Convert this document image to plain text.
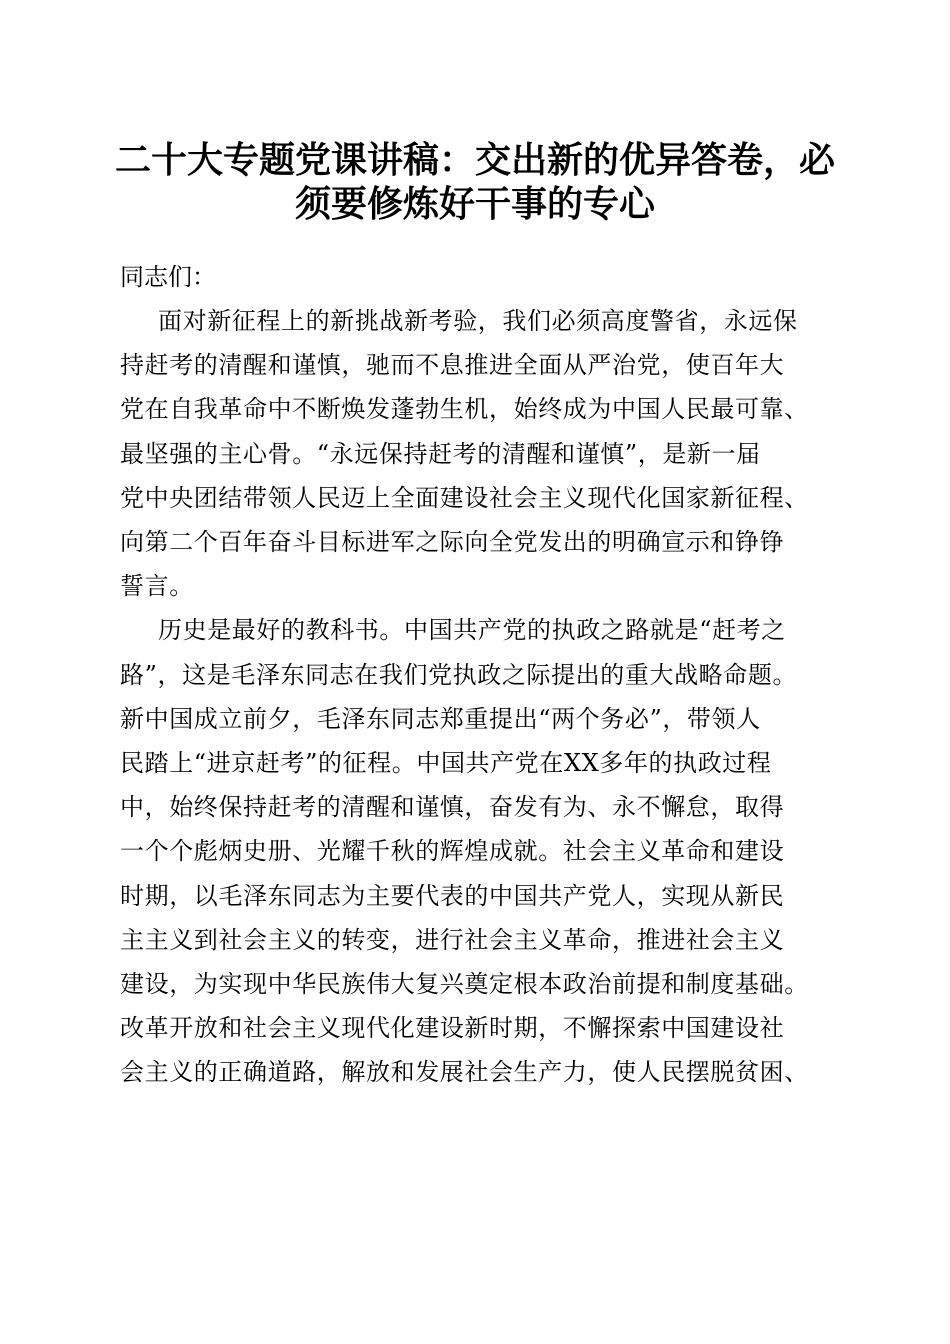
二十大专题党课讲稿：交出新的优异答卷，必
须要修炼好干事的专心

同志们：

面对新征程上的新挑战新考验，我们必须高度警省，永远保
持赶考的清醒和谨慎，驰而不息推进全面从严治党，使百年大
党在自我革命中不断焕发蓬勃生机，始终成为中国人民最可靠、
最坚强的主心骨。“永远保持赶考的清醒和谨慎”，是新一届
党中央团结带领人民迈上全面建设社会主义现代化国家新征程、
向第二个百年奋斗目标进军之际向全党发出的明确宣示和铮铮
誓言。

历史是最好的教科书。中国共产党的执政之路就是“赶考之
路”，这是毛泽东同志在我们党执政之际提出的重大战略命题。
新中国成立前夕，毛泽东同志郑重提出“两个务必”，带领人
民踏上“进京赶考”的征程。中国共产党在XX多年的执政过程
中，始终保持赶考的清醒和谨慎，奋发有为、永不懈怠，取得
一个个彪炳史册、光耀千秋的辉煌成就。社会主义革命和建设
时期，以毛泽东同志为主要代表的中国共产党人，实现从新民
主主义到社会主义的转变，进行社会主义革命，推进社会主义
建设，为实现中华民族伟大复兴奠定根本政治前提和制度基础。
改革开放和社会主义现代化建设新时期，不懈探索中国建设社
会主义的正确道路，解放和发展社会生产力，使人民摆脱贫困、
